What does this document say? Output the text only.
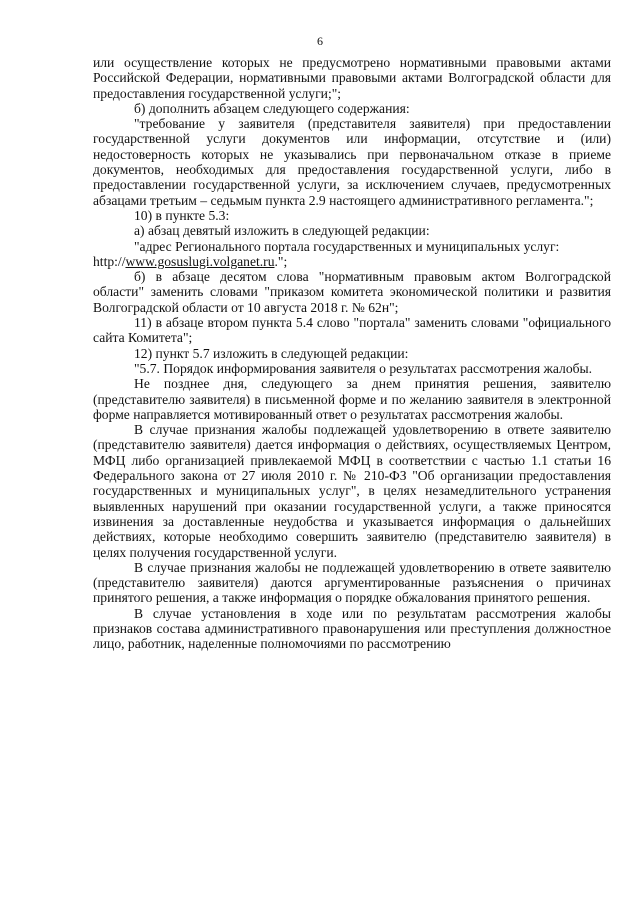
6

или осуществление которых не предусмотрено нормативными правовыми актами Российской Федерации, нормативными правовыми актами Волгоградской области для предоставления государственной услуги;";

б) дополнить абзацем следующего содержания:

"требование у заявителя (представителя заявителя) при предоставлении государственной услуги документов или информации, отсутствие и (или) недостоверность которых не указывались при первоначальном отказе в приеме документов, необходимых для предоставления государственной услуги, либо в предоставлении государственной услуги, за исключением случаев, предусмотренных абзацами третьим – седьмым пункта 2.9 настоящего административного регламента.";

10) в пункте 5.3:

а) абзац девятый изложить в следующей редакции:

"адрес Регионального портала государственных и муниципальных услуг:

http://www.gosuslugi.volganet.ru.";

б) в абзаце десятом слова "нормативным правовым актом Волгоградской области" заменить словами "приказом комитета экономической политики и развития Волгоградской области от 10 августа 2018 г. № 62н";

11) в абзаце втором пункта 5.4 слово "портала" заменить словами "официального сайта Комитета";

12) пункт 5.7 изложить в следующей редакции:

"5.7. Порядок информирования заявителя о результатах рассмотрения жалобы.

Не позднее дня, следующего за днем принятия решения, заявителю (представителю заявителя) в письменной форме и по желанию заявителя в электронной форме направляется мотивированный ответ о результатах рассмотрения жалобы.

В случае признания жалобы подлежащей удовлетворению в ответе заявителю (представителю заявителя) дается информация о действиях, осуществляемых Центром, МФЦ либо организацией привлекаемой МФЦ в соответствии с частью 1.1 статьи 16 Федерального закона от 27 июля 2010 г. № 210-ФЗ "Об организации предоставления государственных и муниципальных услуг", в целях незамедлительного устранения выявленных нарушений при оказании государственной услуги, а также приносятся извинения за доставленные неудобства и указывается информация о дальнейших действиях, которые необходимо совершить заявителю (представителю заявителя) в целях получения государственной услуги.

В случае признания жалобы не подлежащей удовлетворению в ответе заявителю (представителю заявителя) даются аргументированные разъяснения о причинах принятого решения, а также информация о порядке обжалования принятого решения.

В случае установления в ходе или по результатам рассмотрения жалобы признаков состава административного правонарушения или преступления должностное лицо, работник, наделенные полномочиями по рассмотрению
